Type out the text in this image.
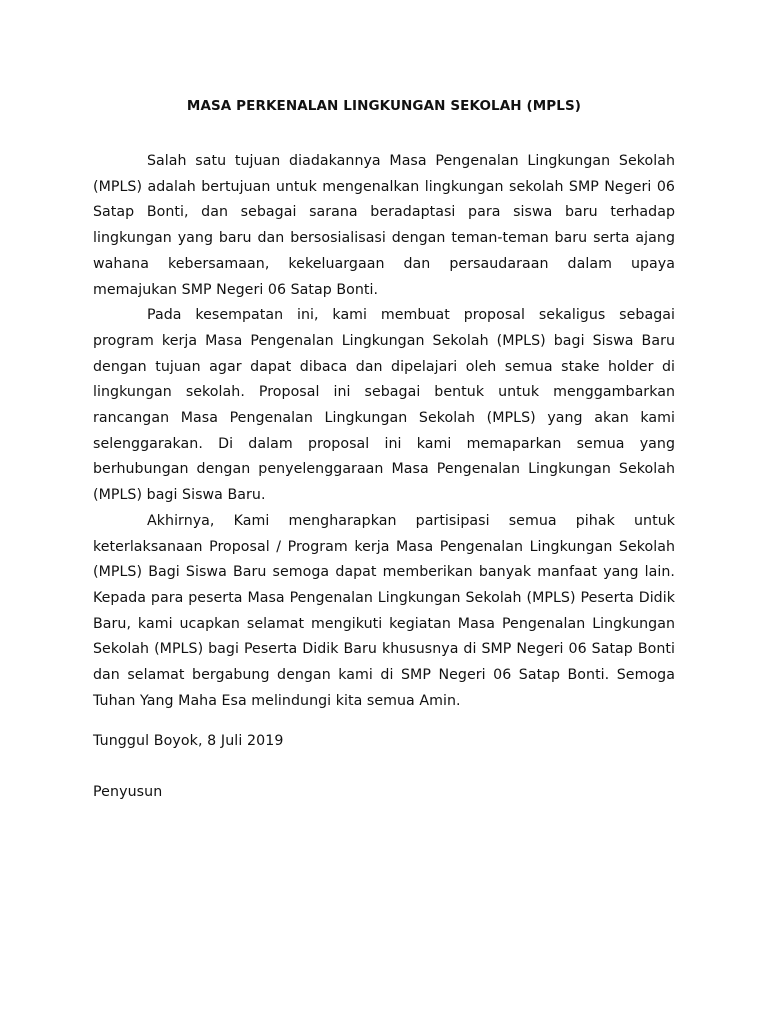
MASA PERKENALAN LINGKUNGAN SEKOLAH (MPLS)

Salah satu tujuan diadakannya Masa Pengenalan Lingkungan Sekolah (MPLS) adalah bertujuan untuk mengenalkan lingkungan sekolah SMP Negeri 06 Satap Bonti, dan sebagai sarana beradaptasi para siswa baru terhadap lingkungan yang baru dan bersosialisasi dengan teman-teman baru serta ajang wahana kebersamaan, kekeluargaan dan persaudaraan dalam upaya memajukan SMP Negeri 06 Satap Bonti.

Pada kesempatan ini, kami membuat proposal sekaligus sebagai program kerja Masa Pengenalan Lingkungan Sekolah (MPLS) bagi Siswa Baru dengan tujuan agar dapat dibaca dan dipelajari oleh semua stake holder di lingkungan sekolah. Proposal ini sebagai bentuk untuk menggambarkan rancangan Masa Pengenalan Lingkungan Sekolah (MPLS) yang akan kami selenggarakan. Di dalam proposal ini kami memaparkan semua yang berhubungan dengan penyelenggaraan Masa Pengenalan Lingkungan Sekolah (MPLS) bagi Siswa Baru.

Akhirnya, Kami mengharapkan partisipasi semua pihak untuk keterlaksanaan Proposal / Program kerja Masa Pengenalan Lingkungan Sekolah (MPLS) Bagi Siswa Baru semoga dapat memberikan banyak manfaat yang lain. Kepada para peserta Masa Pengenalan Lingkungan Sekolah (MPLS) Peserta Didik Baru, kami ucapkan selamat mengikuti kegiatan Masa Pengenalan Lingkungan Sekolah (MPLS) bagi Peserta Didik Baru khususnya di SMP Negeri 06 Satap Bonti dan selamat bergabung dengan kami di SMP Negeri 06 Satap Bonti. Semoga Tuhan Yang Maha Esa melindungi kita semua Amin.

Tunggul Boyok, 8 Juli 2019

Penyusun
